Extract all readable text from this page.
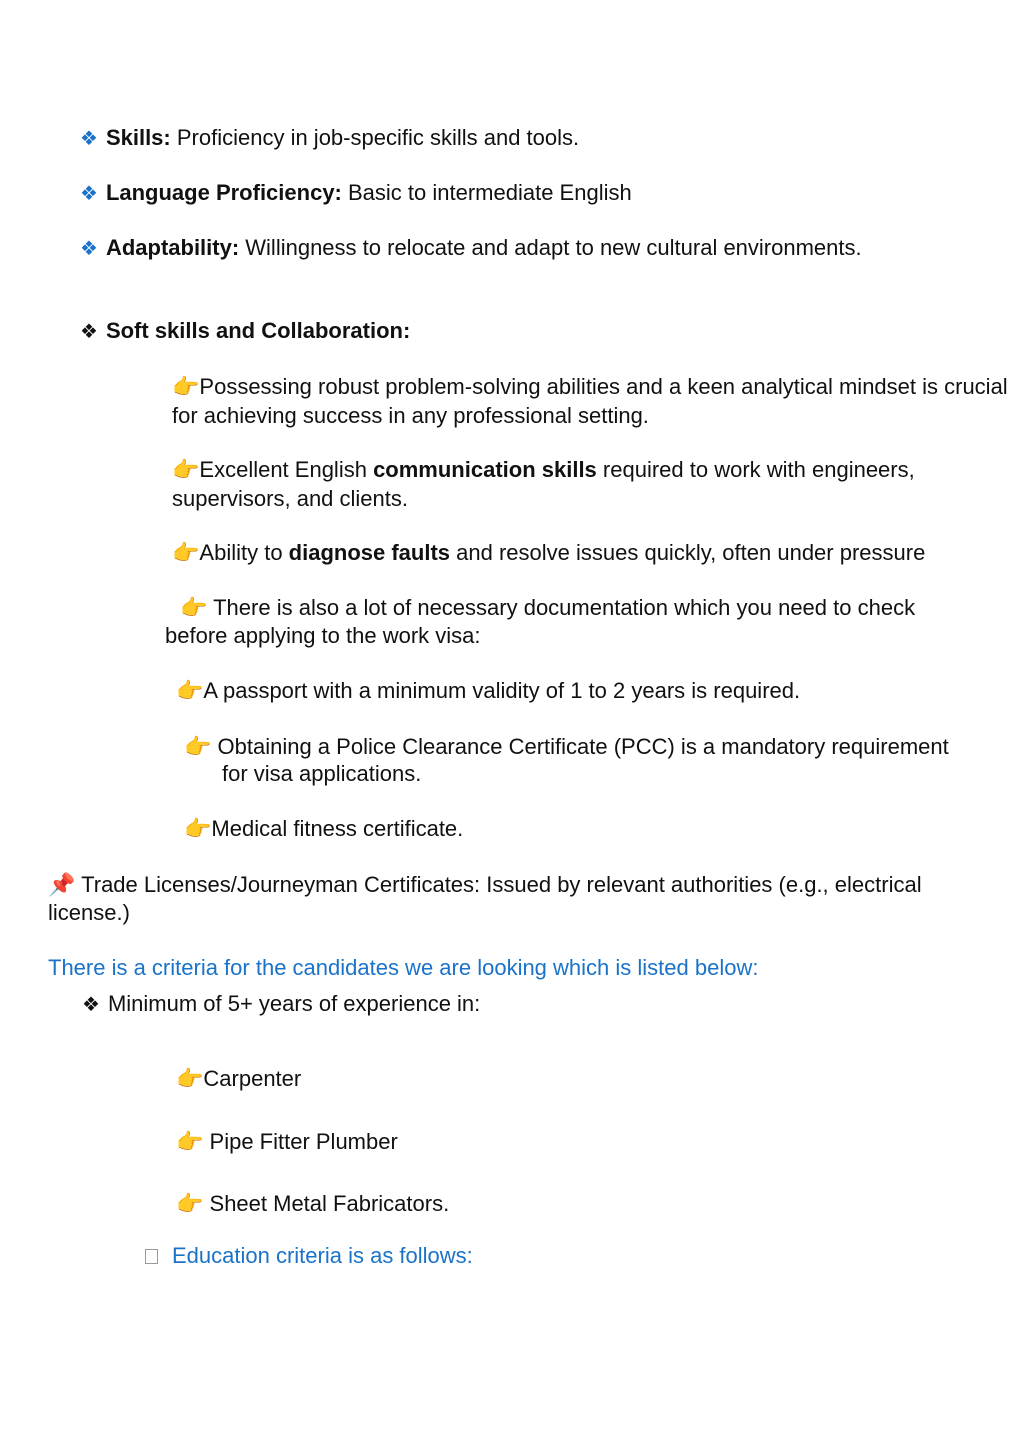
❖ Skills: Proficiency in job-specific skills and tools.
❖ Language Proficiency: Basic to intermediate English
❖ Adaptability: Willingness to relocate and adapt to new cultural environments.
❖ Soft skills and Collaboration:
👉Possessing robust problem-solving abilities and a keen analytical mindset is crucial for achieving success in any professional setting.
👉Excellent English communication skills required to work with engineers, supervisors, and clients.
👉Ability to diagnose faults and resolve issues quickly, often under pressure
👉 There is also a lot of necessary documentation which you need to check
before applying to the work visa:
👉A passport with a minimum validity of 1 to 2 years is required.
👉 Obtaining a Police Clearance Certificate (PCC) is a mandatory requirement
for visa applications.
👉Medical fitness certificate.
📌 Trade Licenses/Journeyman Certificates: Issued by relevant authorities (e.g., electrical
license.)
There is a criteria for the candidates we are looking which is listed below:
❖ Minimum of 5+ years of experience in:
👉Carpenter
👉 Pipe Fitter Plumber
👉 Sheet Metal Fabricators.
Education criteria is as follows:
